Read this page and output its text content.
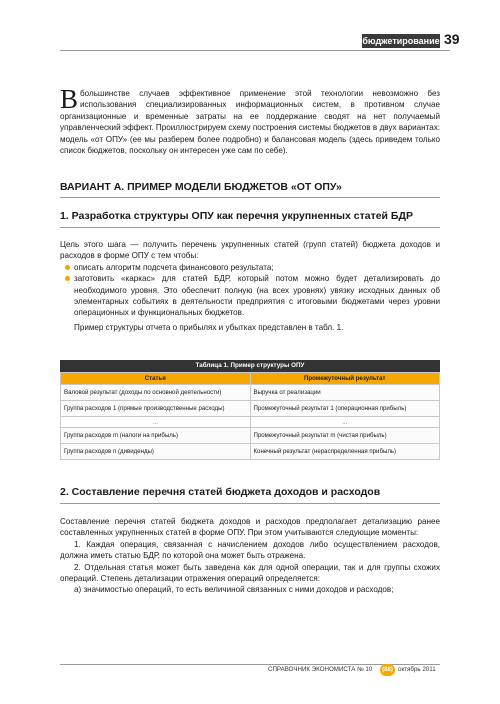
бюджетирование 39

Вбольшинстве случаев эффективное применение этой технологии невозможно без использования специализированных информационных систем, в противном случае организационные и временные затраты на ее поддержание сводят на нет получаемый управленческий эффект. Проиллюстрируем схему построения системы бюджетов в двух вариантах: модель «от ОПУ» (ее мы разберем более подробно) и балансовая модель (здесь приведем только список бюджетов, поскольку он интересен уже сам по себе).

ВАРИАНТ А. ПРИМЕР МОДЕЛИ БЮДЖЕТОВ «ОТ ОПУ»
1. Разработка структуры ОПУ как перечня укрупненных статей БДР
Цель этого шага — получить перечень укрупненных статей (групп статей) бюджета доходов и расходов в форме ОПУ с тем чтобы:
описать алгоритм подсчета финансового результата;
заготовить «каркас» для статей БДР, который потом можно будет детализировать до необходимого уровня. Это обеспечит полную (на всех уровнях) увязку исходных данных об элементарных событиях в деятельности предприятия с итоговыми бюджетами через уровни операционных и функциональных бюджетов.
Пример структуры отчета о прибылях и убытках представлен в табл. 1.
Таблица 1. Пример структуры ОПУ
Статья	Промежуточный результат
Валовой результат (доходы по основной деятельности)	Выручка от реализации
Группа расходов 1 (прямые производственные расходы)	Промежуточный результат 1 (операционная прибыль)
...	...
Группа расходов m (налоги на прибыль)	Промежуточный результат m (чистая прибыль)
Группа расходов n (дивиденды)	Конечный результат (нераспределенная прибыль)
2. Составление перечня статей бюджета доходов и расходов
Составление перечня статей бюджета доходов и расходов предполагает детализацию ранее составленных укрупненных статей в форме ОПУ. При этом учитываются следующие моменты:
1. Каждая операция, связанная с начислением доходов либо осуществлением расходов, должна иметь статью БДР, по которой она может быть отражена.
2. Отдельная статья может быть заведена как для одной операции, так и для группы схожих операций. Степень детализации отражения операций определяется:
а) значимостью операций, то есть величиной связанных с ними доходов и расходов;
СПРАВОЧНИК ЭКОНОМИСТА № 10	(88) октябрь 2011
